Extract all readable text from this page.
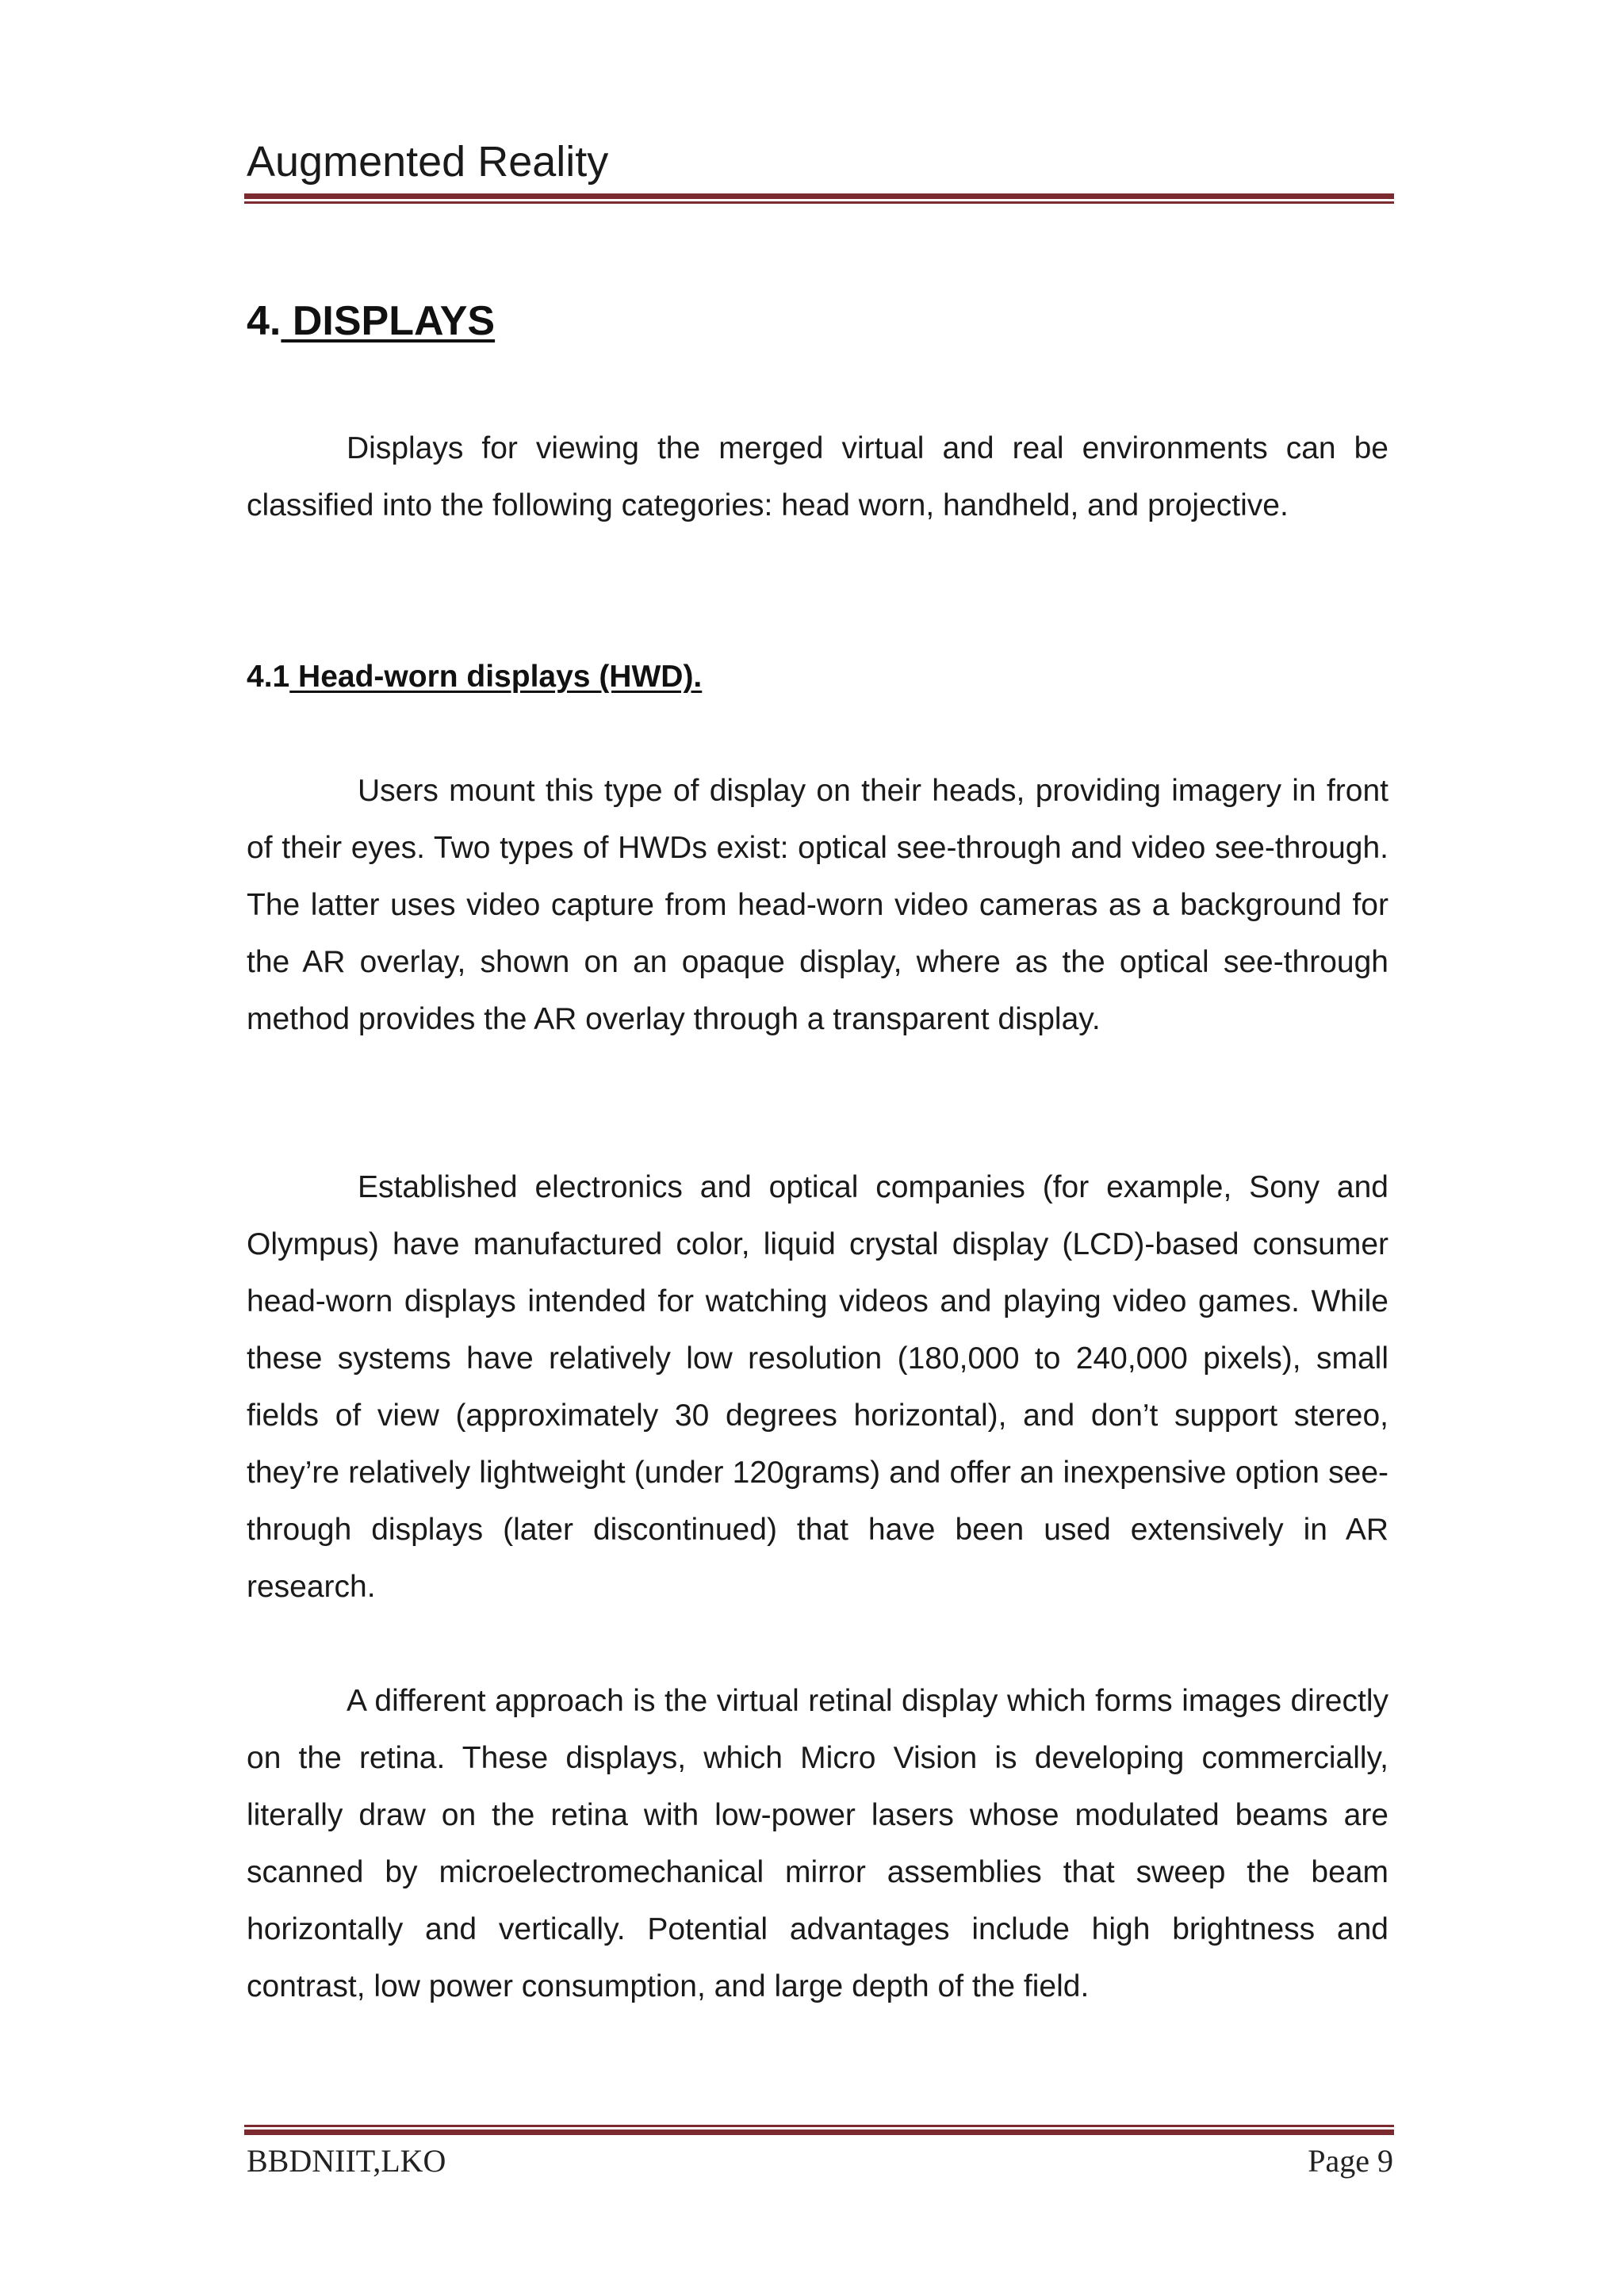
Augmented Reality
4. DISPLAYS

Displays for viewing the merged virtual and real environments can be classified into the following categories: head worn, handheld, and projective.

4.1 Head-worn displays (HWD).

Users mount this type of display on their heads, providing imagery in front of their eyes. Two types of HWDs exist: optical see-through and video see-through. The latter uses video capture from head-worn video cameras as a background for the AR overlay, shown on an opaque display, where as the optical see-through method provides the AR overlay through a transparent display.

Established electronics and optical companies (for example, Sony and Olympus) have manufactured color, liquid crystal display (LCD)-based consumer head-worn displays intended for watching videos and playing video games. While these systems have relatively low resolution (180,000 to 240,000 pixels), small fields of view (approximately 30 degrees horizontal), and don’t support stereo, they’re relatively lightweight (under 120grams) and offer an inexpensive option see-through displays (later discontinued) that have been used extensively in AR research.

A different approach is the virtual retinal display which forms images directly on the retina. These displays, which Micro Vision is developing commercially, literally draw on the retina with low-power lasers whose modulated beams are scanned by microelectromechanical mirror assemblies that sweep the beam horizontally and vertically. Potential advantages include high brightness and contrast, low power consumption, and large depth of the field.

BBDNIIT,LKO	Page 9
